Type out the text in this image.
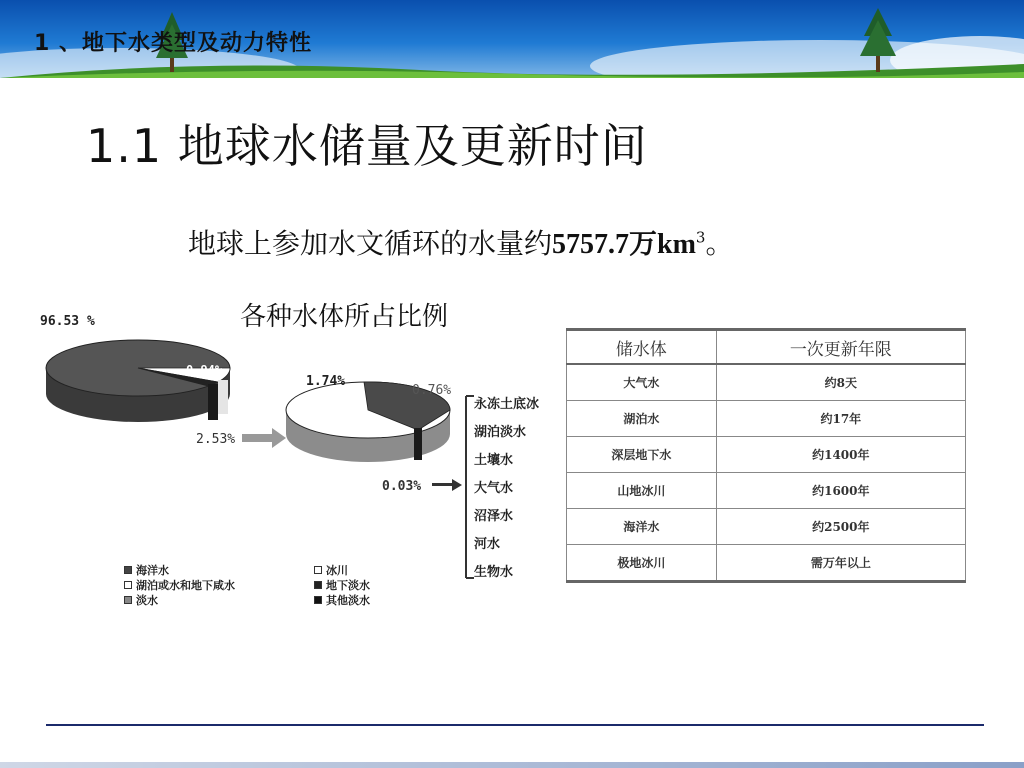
1 、地下水类型及动力特性
1.1 地球水储量及更新时间
地球上参加水文循环的水量约5757.7万$km^3$。
各种水体所占比例
96.53 %
0.94%
2.53%
1.74%
0.76%
0.03%
永冻土底冰
湖泊淡水
土壤水
大气水
沼泽水
河水
生物水
海洋水
湖泊或水和地下咸水
淡水
冰川
地下淡水
其他淡水
储水体	一次更新年限
大气水	约8天
湖泊水	约17年
深层地下水	约1400年
山地冰川	约1600年
海洋水	约2500年
极地冰川	需万年以上
